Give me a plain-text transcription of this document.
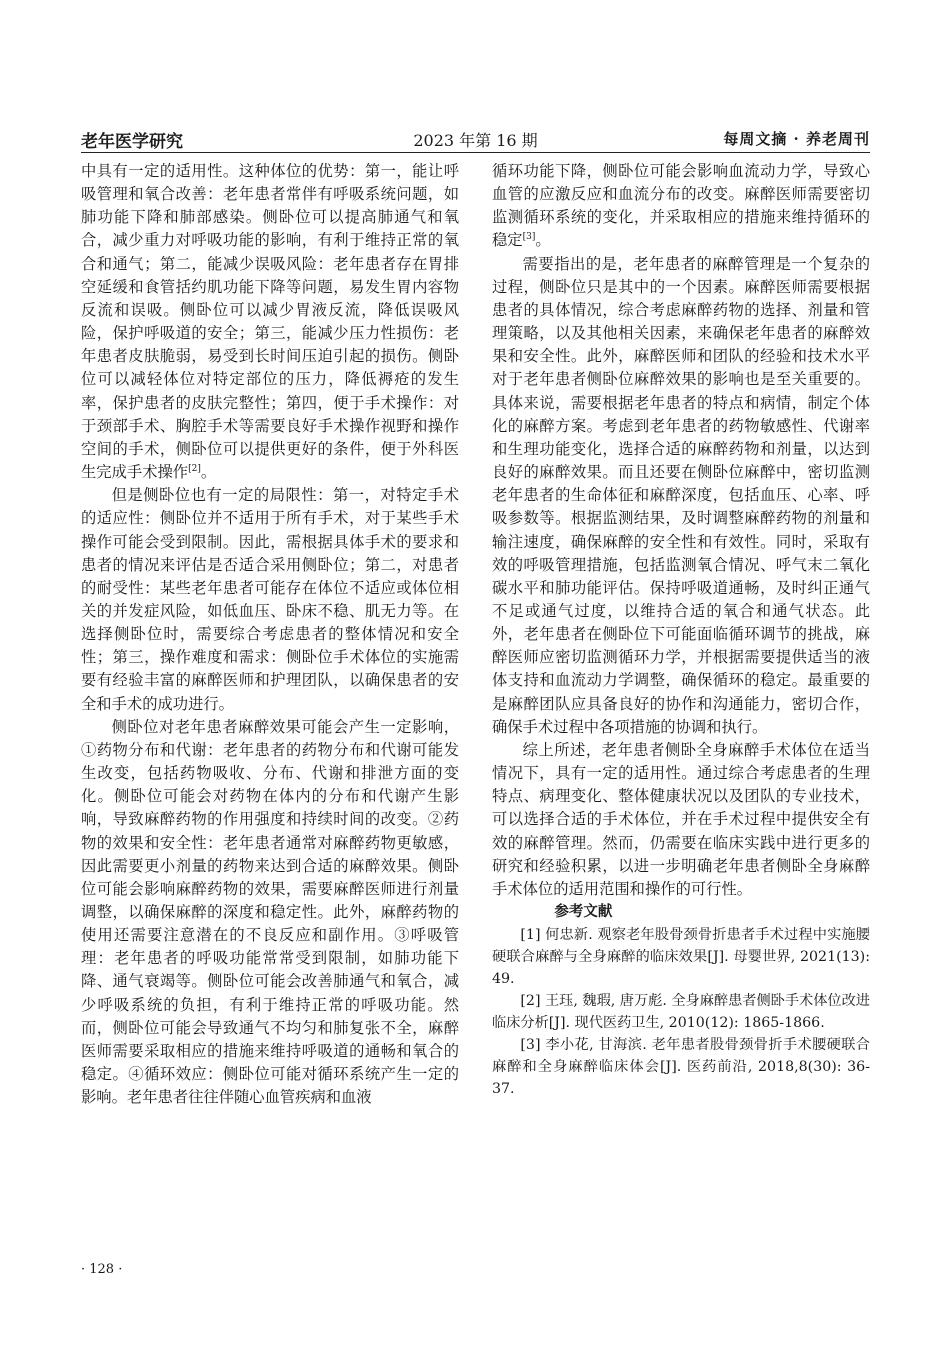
2023 年第 16 期
老年医学研究	每周文摘 · 养老周刊

中具有一定的适用性。这种体位的优势：第一，能让呼吸管理和氧合改善：老年患者常伴有呼吸系统问题，如肺功能下降和肺部感染。侧卧位可以提高肺通气和氧合，减少重力对呼吸功能的影响，有利于维持正常的氧合和通气；第二，能减少误吸风险：老年患者存在胃排空延缓和食管括约肌功能下降等问题，易发生胃内容物反流和误吸。侧卧位可以减少胃液反流，降低误吸风险，保护呼吸道的安全；第三，能减少压力性损伤：老年患者皮肤脆弱，易受到长时间压迫引起的损伤。侧卧位可以减轻体位对特定部位的压力，降低褥疮的发生率，保护患者的皮肤完整性；第四，便于手术操作：对于颈部手术、胸腔手术等需要良好手术操作视野和操作空间的手术，侧卧位可以提供更好的条件，便于外科医生完成手术操作[2]。

但是侧卧位也有一定的局限性：第一，对特定手术的适应性：侧卧位并不适用于所有手术，对于某些手术操作可能会受到限制。因此，需根据具体手术的要求和患者的情况来评估是否适合采用侧卧位；第二，对患者的耐受性：某些老年患者可能存在体位不适应或体位相关的并发症风险，如低血压、卧床不稳、肌无力等。在选择侧卧位时，需要综合考虑患者的整体情况和安全性；第三，操作难度和需求：侧卧位手术体位的实施需要有经验丰富的麻醉医师和护理团队，以确保患者的安全和手术的成功进行。

侧卧位对老年患者麻醉效果可能会产生一定影响，①药物分布和代谢：老年患者的药物分布和代谢可能发生改变，包括药物吸收、分布、代谢和排泄方面的变化。侧卧位可能会对药物在体内的分布和代谢产生影响，导致麻醉药物的作用强度和持续时间的改变。②药物的效果和安全性：老年患者通常对麻醉药物更敏感，因此需要更小剂量的药物来达到合适的麻醉效果。侧卧位可能会影响麻醉药物的效果，需要麻醉医师进行剂量调整，以确保麻醉的深度和稳定性。此外，麻醉药物的使用还需要注意潜在的不良反应和副作用。③呼吸管理：老年患者的呼吸功能常常受到限制，如肺功能下降、通气衰竭等。侧卧位可能会改善肺通气和氧合，减少呼吸系统的负担，有利于维持正常的呼吸功能。然而，侧卧位可能会导致通气不均匀和肺复张不全，麻醉医师需要采取相应的措施来维持呼吸道的通畅和氧合的稳定。④循环效应：侧卧位可能对循环系统产生一定的影响。老年患者往往伴随心血管疾病和血液

循环功能下降，侧卧位可能会影响血流动力学，导致心血管的应激反应和血流分布的改变。麻醉医师需要密切监测循环系统的变化，并采取相应的措施来维持循环的稳定[3]。

需要指出的是，老年患者的麻醉管理是一个复杂的过程，侧卧位只是其中的一个因素。麻醉医师需要根据患者的具体情况，综合考虑麻醉药物的选择、剂量和管理策略，以及其他相关因素，来确保老年患者的麻醉效果和安全性。此外，麻醉医师和团队的经验和技术水平对于老年患者侧卧位麻醉效果的影响也是至关重要的。具体来说，需要根据老年患者的特点和病情，制定个体化的麻醉方案。考虑到老年患者的药物敏感性、代谢率和生理功能变化，选择合适的麻醉药物和剂量，以达到良好的麻醉效果。而且还要在侧卧位麻醉中，密切监测老年患者的生命体征和麻醉深度，包括血压、心率、呼吸参数等。根据监测结果，及时调整麻醉药物的剂量和输注速度，确保麻醉的安全性和有效性。同时，采取有效的呼吸管理措施，包括监测氧合情况、呼气末二氧化碳水平和肺功能评估。保持呼吸道通畅，及时纠正通气不足或通气过度，以维持合适的氧合和通气状态。此外，老年患者在侧卧位下可能面临循环调节的挑战，麻醉医师应密切监测循环力学，并根据需要提供适当的液体支持和血流动力学调整，确保循环的稳定。最重要的是麻醉团队应具备良好的协作和沟通能力，密切合作，确保手术过程中各项措施的协调和执行。

综上所述，老年患者侧卧全身麻醉手术体位在适当情况下，具有一定的适用性。通过综合考虑患者的生理特点、病理变化、整体健康状况以及团队的专业技术，可以选择合适的手术体位，并在手术过程中提供安全有效的麻醉管理。然而，仍需要在临床实践中进行更多的研究和经验积累，以进一步明确老年患者侧卧全身麻醉手术体位的适用范围和操作的可行性。

参考文献

[1] 何忠新. 观察老年股骨颈骨折患者手术过程中实施腰硬联合麻醉与全身麻醉的临床效果[J]. 母婴世界, 2021(13): 49.

[2] 王珏, 魏瑕, 唐万彪. 全身麻醉患者侧卧手术体位改进临床分析[J]. 现代医药卫生, 2010(12): 1865-1866.

[3] 李小花, 甘海滨. 老年患者股骨颈骨折手术腰硬联合麻醉和全身麻醉临床体会[J]. 医药前沿, 2018,8(30): 36-37.

· 128 ·
